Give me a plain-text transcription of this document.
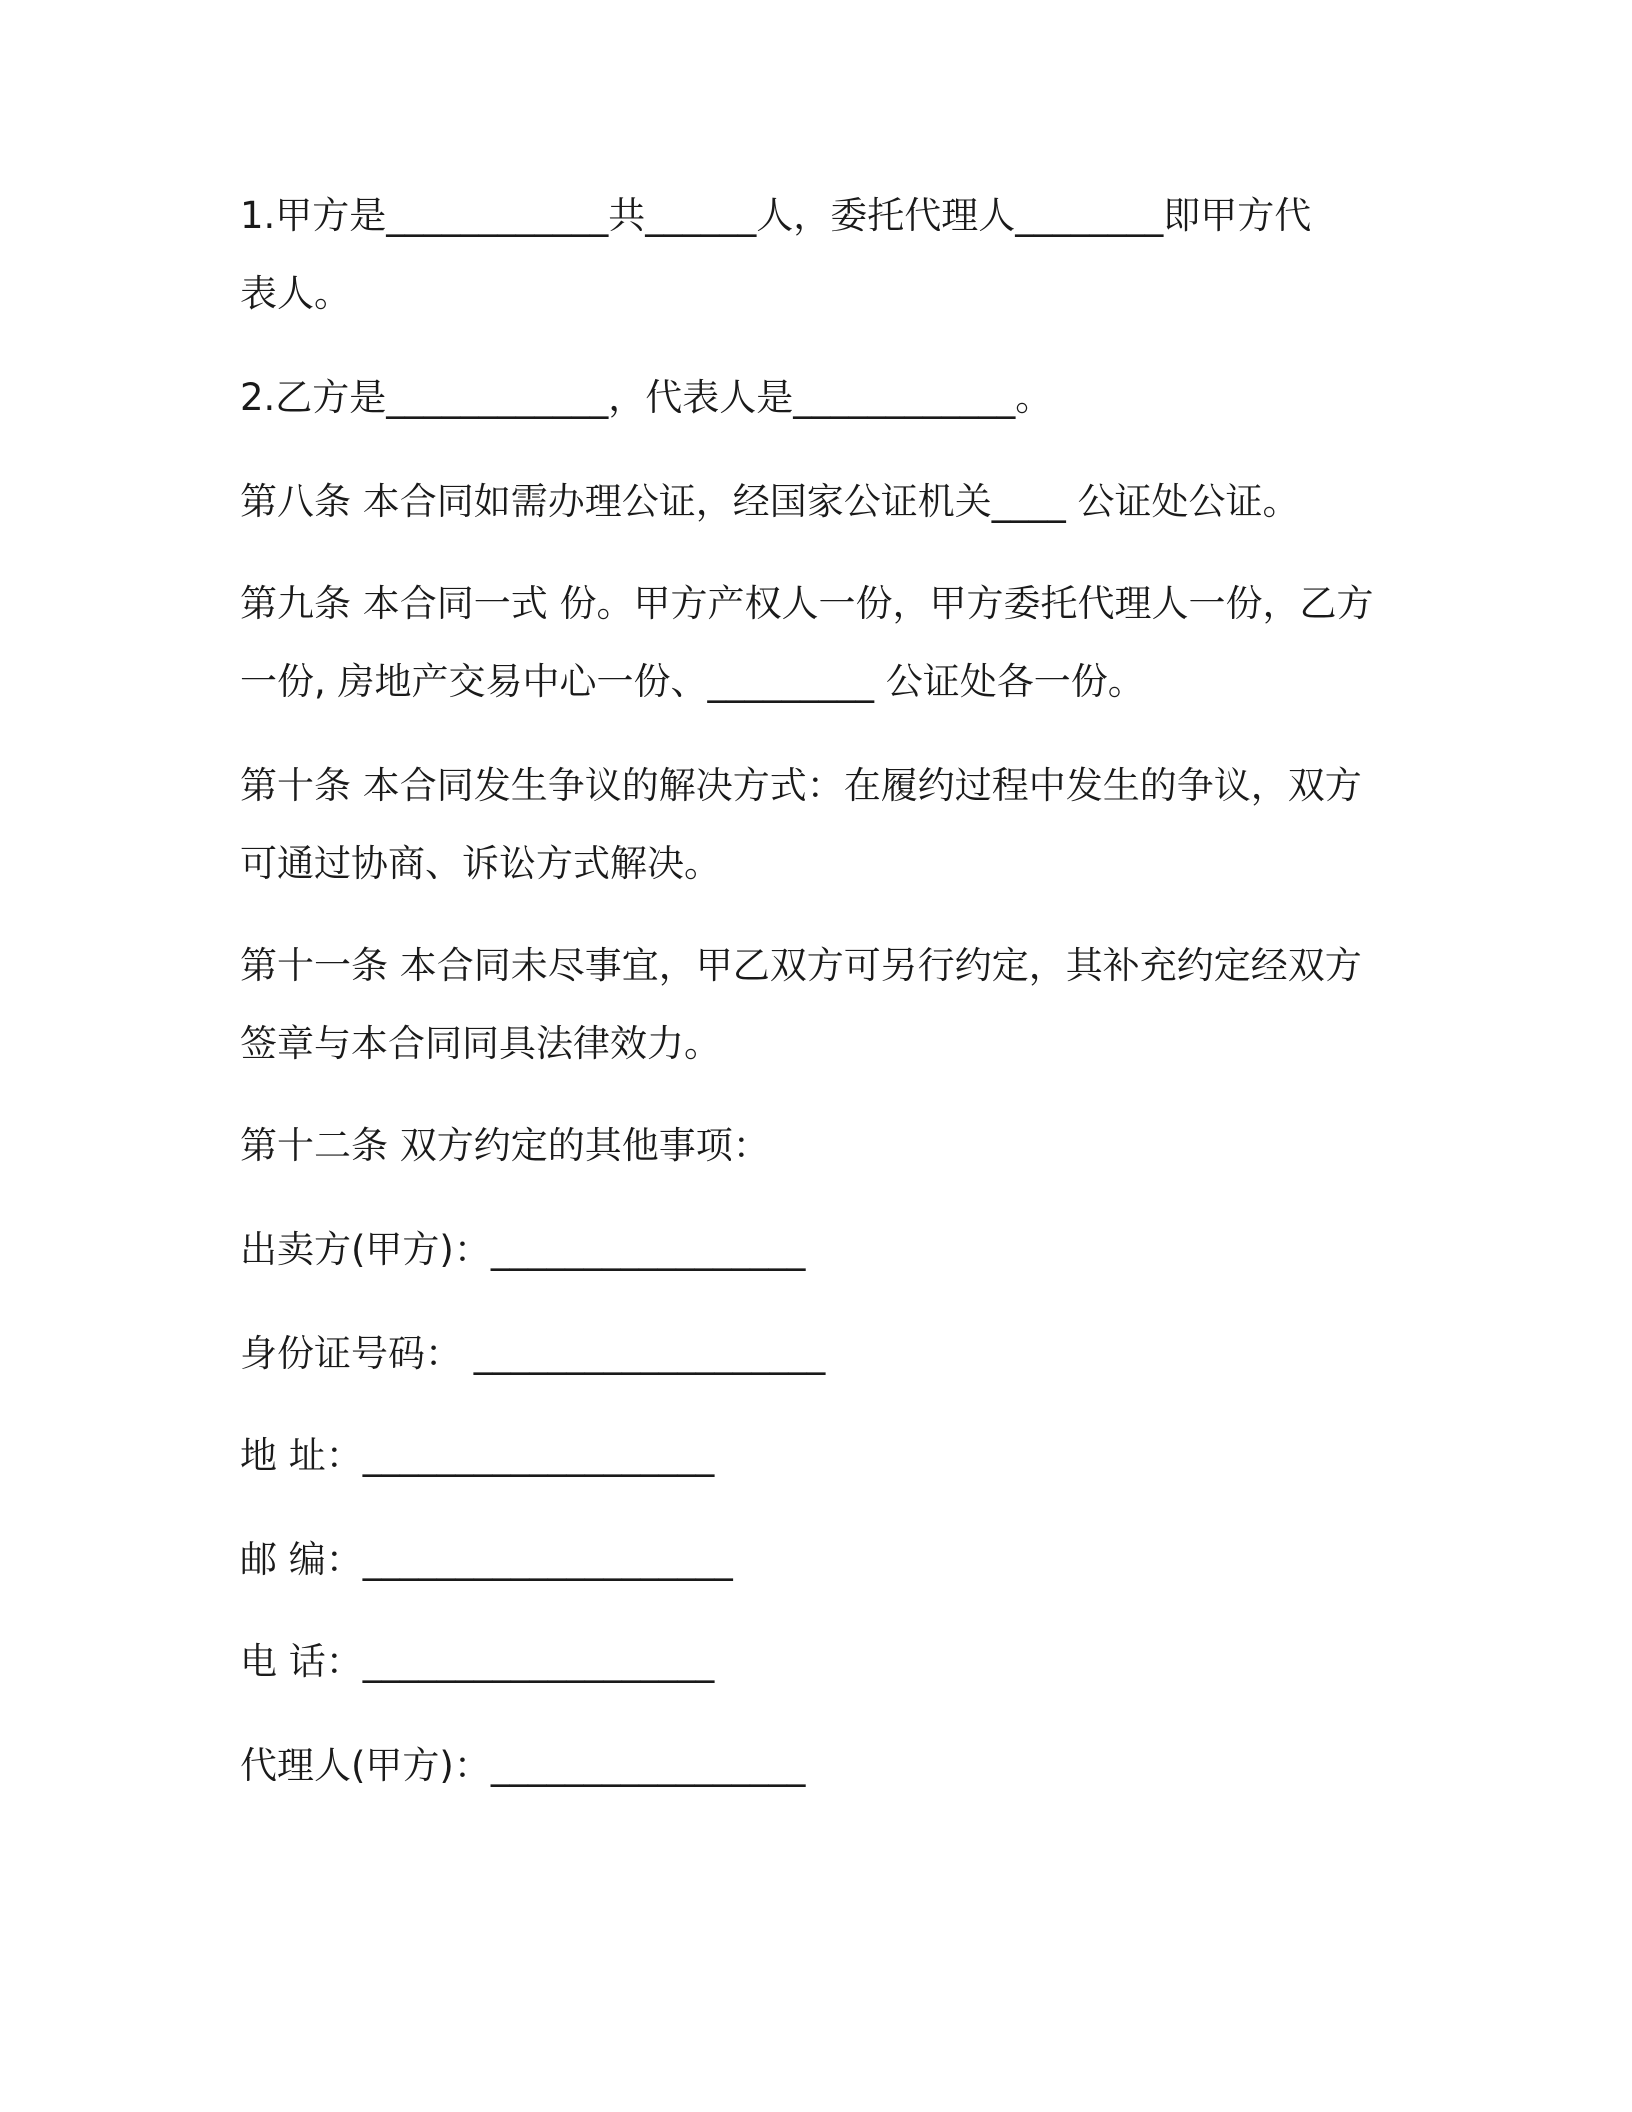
1.甲方是____________共______人，委托代理人________即甲方代
表人。
2.乙方是____________，代表人是____________。
第八条 本合同如需办理公证，经国家公证机关____ 公证处公证。
第九条 本合同一式 份。甲方产权人一份，甲方委托代理人一份，乙方
一份, 房地产交易中心一份、_________ 公证处各一份。
第十条 本合同发生争议的解决方式：在履约过程中发生的争议，双方
可通过协商、诉讼方式解决。
第十一条 本合同未尽事宜，甲乙双方可另行约定，其补充约定经双方
签章与本合同同具法律效力。
第十二条 双方约定的其他事项：
出卖方(甲方)：_________________
身份证号码： ___________________
地 址：___________________
邮 编：____________________
电 话：___________________
代理人(甲方)：_________________
